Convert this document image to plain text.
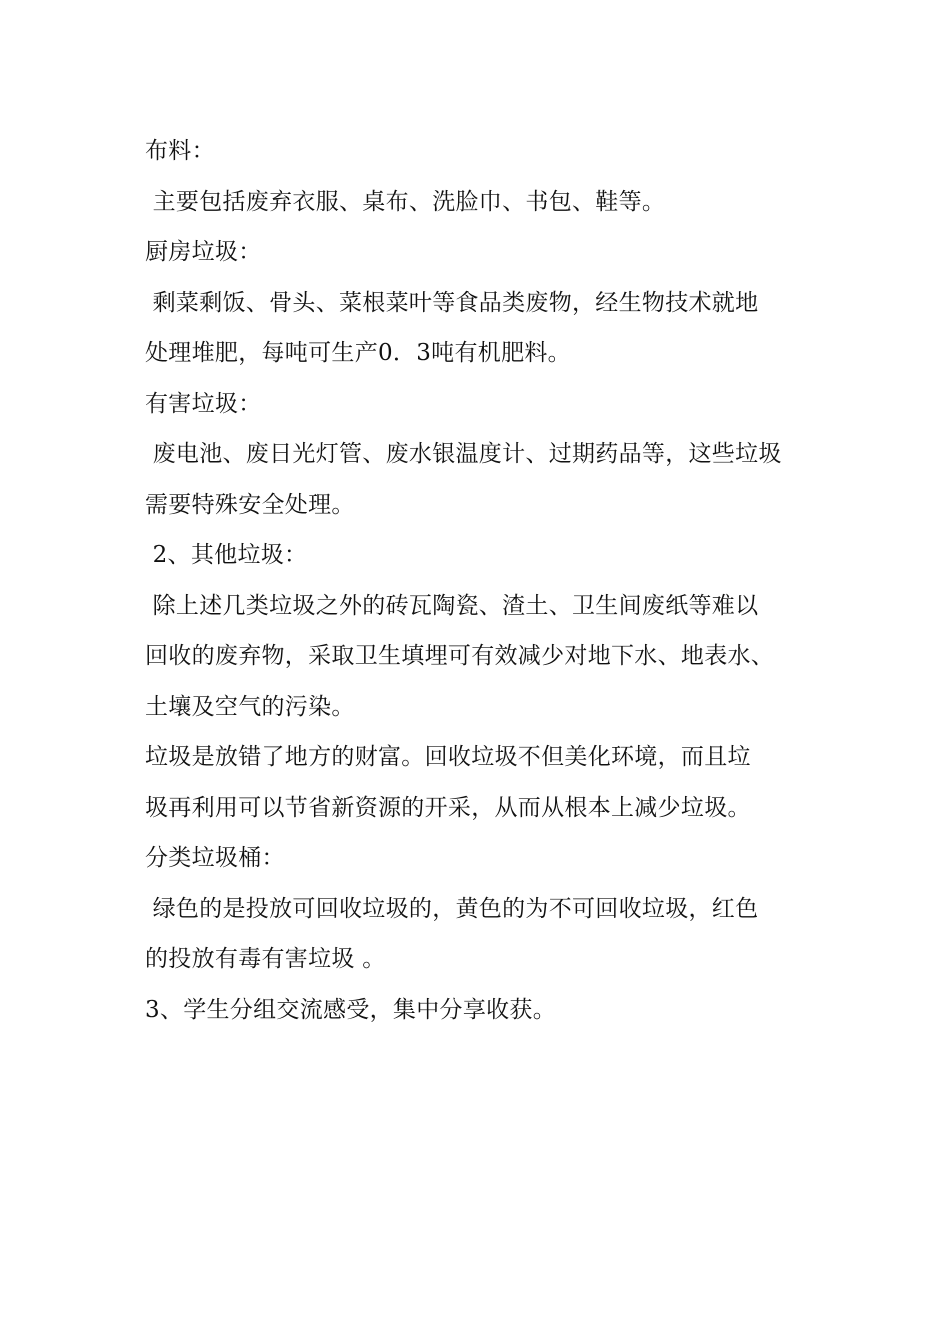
布料：
主要包括废弃衣服、桌布、洗脸巾、书包、鞋等。
厨房垃圾：
剩菜剩饭、骨头、菜根菜叶等食品类废物，经生物技术就地
处理堆肥，每吨可生产0．3吨有机肥料。
有害垃圾：
废电池、废日光灯管、废水银温度计、过期药品等，这些垃圾
需要特殊安全处理。
2、其他垃圾：
除上述几类垃圾之外的砖瓦陶瓷、渣土、卫生间废纸等难以
回收的废弃物，采取卫生填埋可有效减少对地下水、地表水、
土壤及空气的污染。
垃圾是放错了地方的财富。回收垃圾不但美化环境，而且垃
圾再利用可以节省新资源的开采，从而从根本上减少垃圾。
分类垃圾桶：
绿色的是投放可回收垃圾的，黄色的为不可回收垃圾，红色
的投放有毒有害垃圾 。
3、学生分组交流感受，集中分享收获。
